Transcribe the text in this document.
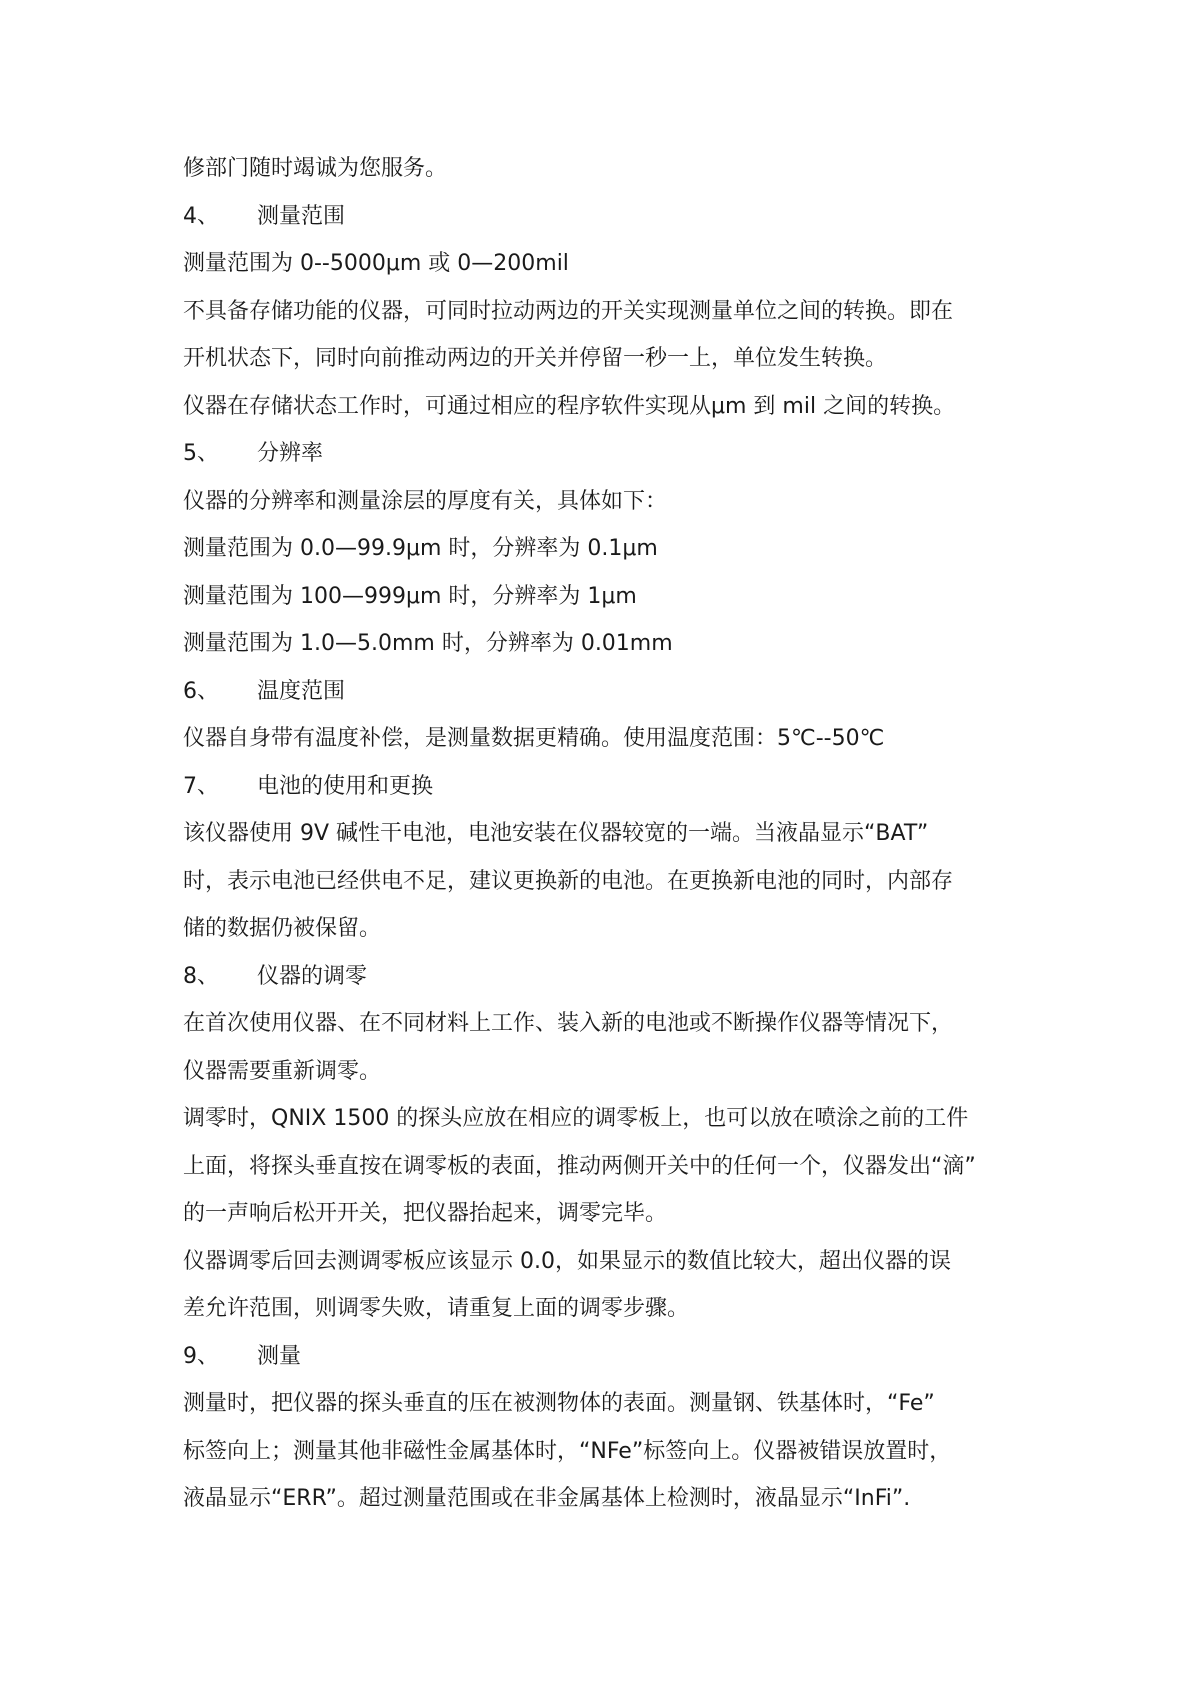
修部门随时竭诚为您服务。
4、 测量范围
测量范围为 0--5000μm 或 0—200mil
不具备存储功能的仪器，可同时拉动两边的开关实现测量单位之间的转换。即在
开机状态下，同时向前推动两边的开关并停留一秒一上，单位发生转换。
仪器在存储状态工作时，可通过相应的程序软件实现从μm 到 mil 之间的转换。
5、 分辨率
仪器的分辨率和测量涂层的厚度有关，具体如下：
测量范围为 0.0—99.9μm 时，分辨率为 0.1μm
测量范围为 100—999μm 时，分辨率为 1μm
测量范围为 1.0—5.0mm 时，分辨率为 0.01mm
6、 温度范围
仪器自身带有温度补偿，是测量数据更精确。使用温度范围：5℃--50℃
7、 电池的使用和更换
该仪器使用 9V 碱性干电池，电池安装在仪器较宽的一端。当液晶显示“BAT”
时，表示电池已经供电不足，建议更换新的电池。在更换新电池的同时，内部存
储的数据仍被保留。
8、 仪器的调零
在首次使用仪器、在不同材料上工作、装入新的电池或不断操作仪器等情况下，
仪器需要重新调零。
调零时，QNIX 1500 的探头应放在相应的调零板上，也可以放在喷涂之前的工件
上面，将探头垂直按在调零板的表面，推动两侧开关中的任何一个，仪器发出“滴”
的一声响后松开开关，把仪器抬起来，调零完毕。
仪器调零后回去测调零板应该显示 0.0，如果显示的数值比较大，超出仪器的误
差允许范围，则调零失败，请重复上面的调零步骤。
9、 测量
测量时，把仪器的探头垂直的压在被测物体的表面。测量钢、铁基体时，“Fe”
标签向上；测量其他非磁性金属基体时，“NFe”标签向上。仪器被错误放置时，
液晶显示“ERR”。超过测量范围或在非金属基体上检测时，液晶显示“InFi”.
